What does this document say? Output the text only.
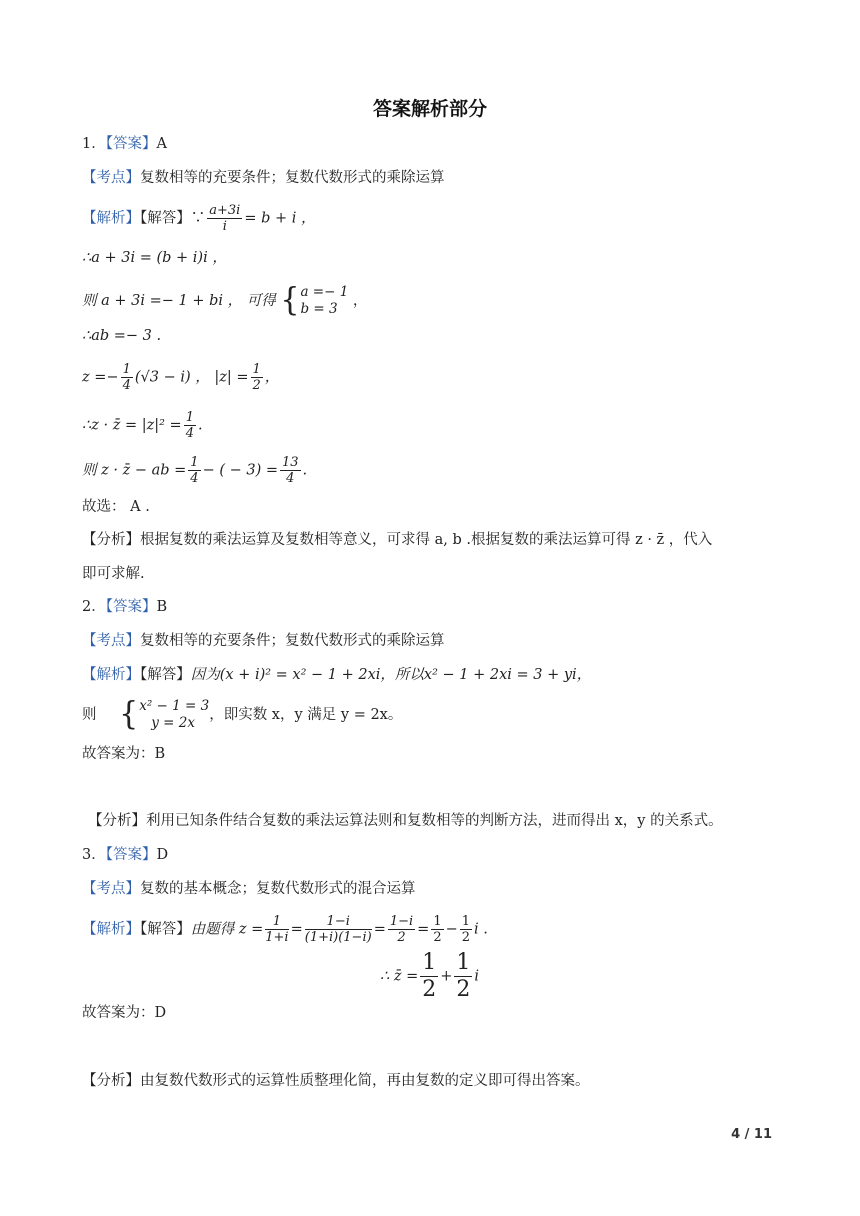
答案解析部分
1．【答案】A
【考点】复数相等的充要条件；复数代数形式的乘除运算
【解析】【解答】∵ $\frac{a+3i}{i} = b + i$ ，
∴a + 3i = (b + i)i ，
则 a + 3i =− 1 + bi ， 可得 { a =− 1
b = 3	，
∴ab =− 3 .
$z =- \frac{1}{4} (√3 - i)$ ， $|z| = \frac{1}{2}$ ，
∴z · z̄ = $|z|^2 = \frac{1}{4}$ .
则 z · z̄ − ab = $\frac{1}{4}$ − ( − $3) = \frac{13}{4}$ .
故选： A .
【分析】根据复数的乘法运算及复数相等意义，可求得 a, b .根据复数的乘法运算可得 z · z̄ ，代入
即可求解.
2．【答案】B
【考点】复数相等的充要条件；复数代数形式的乘除运算
【解析】【解答】因为(x + i)² = x² − 1 + 2xi，所以x² − 1 + 2xi = 3 + yi，
则 { x² − 1 = 3
y = 2x ，即实数 x，y 满足 y = 2x。
故答案为：B
【分析】利用已知条件结合复数的乘法运算法则和复数相等的判断方法，进而得出 x，y 的关系式。
3．【答案】D
【考点】复数的基本概念；复数代数形式的混合运算
【解析】【解答】由题得 $z = \frac{1}{1+i} = \frac{1-i}{(1+i)(1-i)} = \frac{1-i}{2} = \frac{1}{2} - \frac{1}{2}$ i .
∴ z̄ = $\frac{1}{2} + \frac{1}{2}$ i
故答案为：D
【分析】由复数代数形式的运算性质整理化简，再由复数的定义即可得出答案。
4 / 11
